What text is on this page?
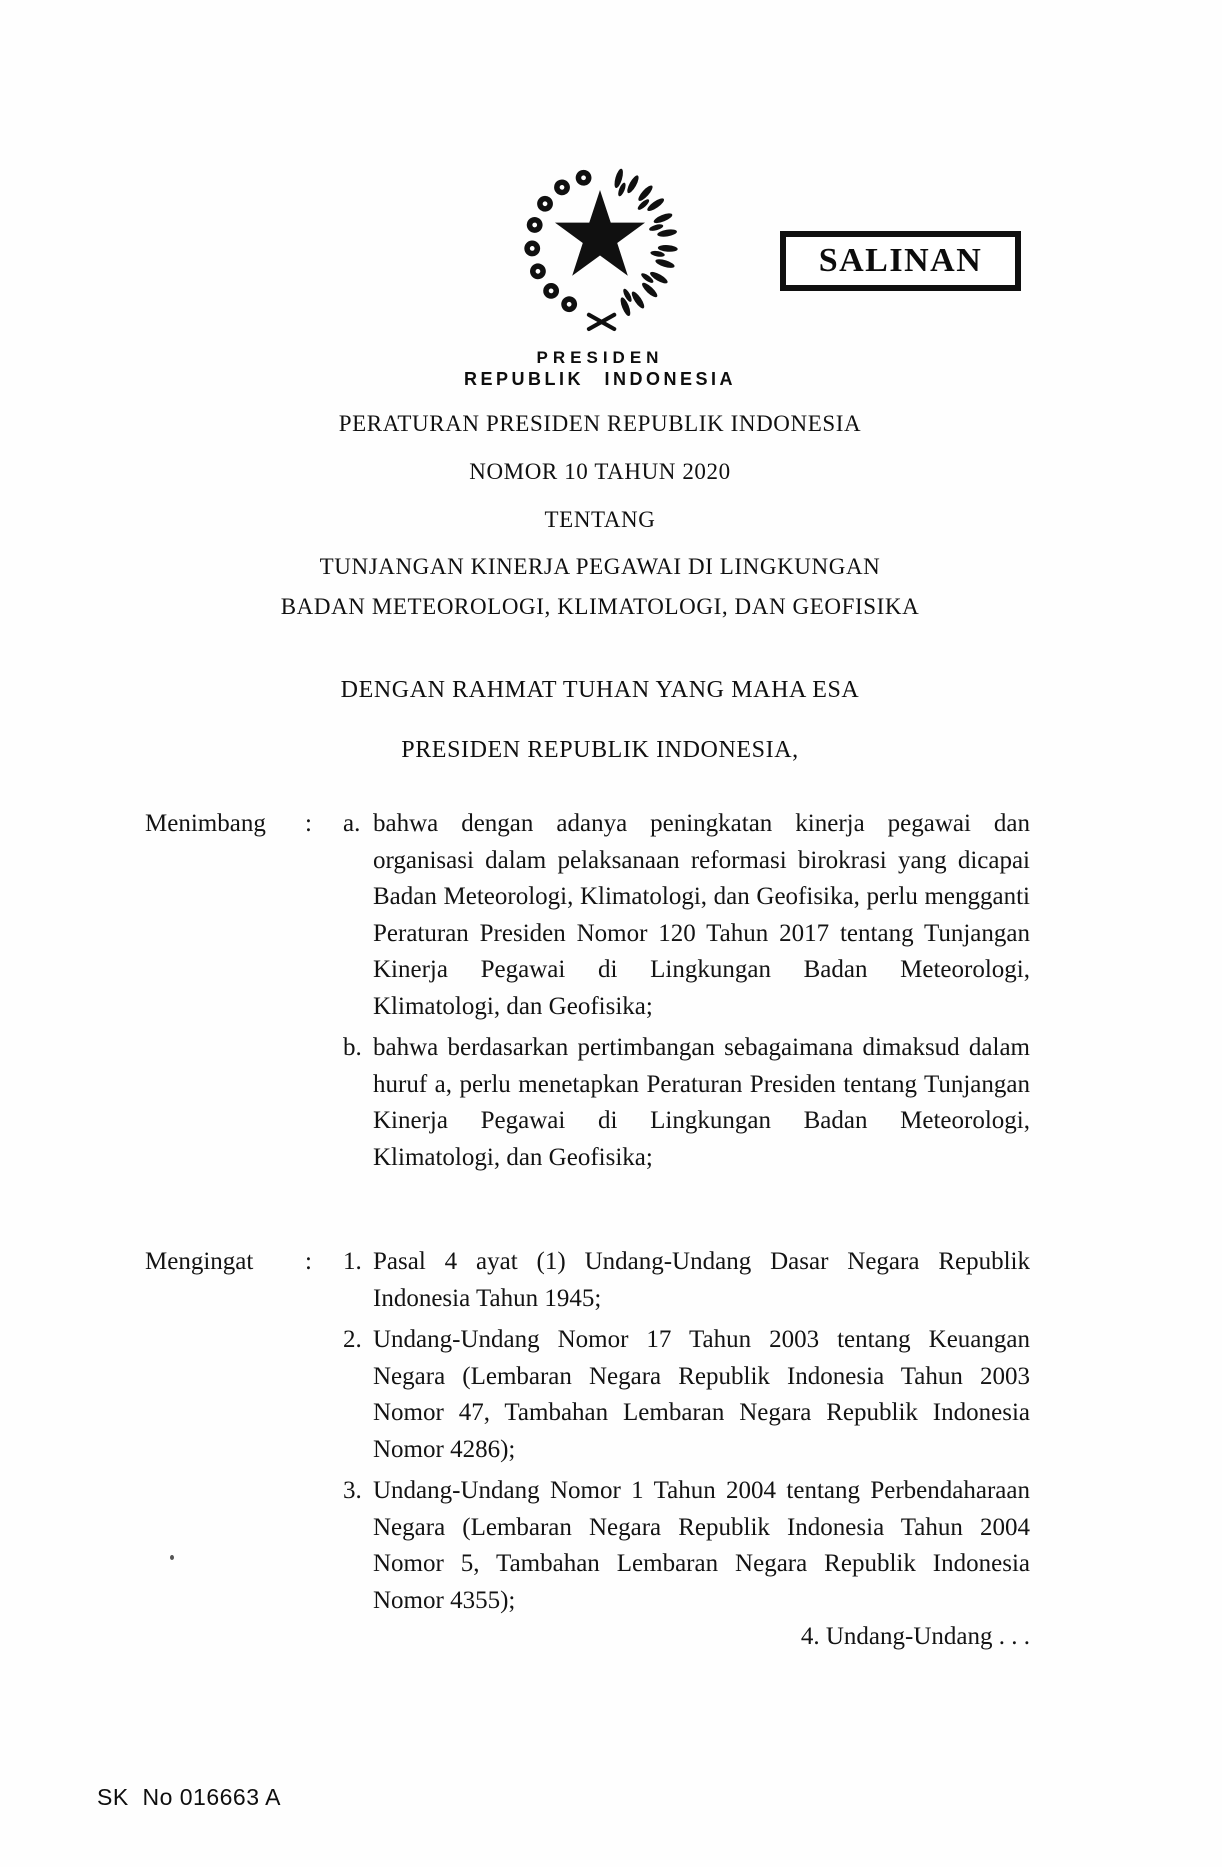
SALINAN
PRESIDEN
REPUBLIK INDONESIA
PERATURAN PRESIDEN REPUBLIK INDONESIA
NOMOR 10 TAHUN 2020
TENTANG
TUNJANGAN KINERJA PEGAWAI DI LINGKUNGAN
BADAN METEOROLOGI, KLIMATOLOGI, DAN GEOFISIKA
DENGAN RAHMAT TUHAN YANG MAHA ESA
PRESIDEN REPUBLIK INDONESIA,
Menimbang	:	a. bahwa dengan adanya peningkatan kinerja pegawai dan organisasi dalam pelaksanaan reformasi birokrasi yang dicapai Badan Meteorologi, Klimatologi, dan Geofisika, perlu mengganti Peraturan Presiden Nomor 120 Tahun 2017 tentang Tunjangan Kinerja Pegawai di Lingkungan Badan Meteorologi, Klimatologi, dan Geofisika;
b. bahwa berdasarkan pertimbangan sebagaimana dimaksud dalam huruf a, perlu menetapkan Peraturan Presiden tentang Tunjangan Kinerja Pegawai di Lingkungan Badan Meteorologi, Klimatologi, dan Geofisika;
Mengingat	:	1. Pasal 4 ayat (1) Undang-Undang Dasar Negara Republik Indonesia Tahun 1945;
2. Undang-Undang Nomor 17 Tahun 2003 tentang Keuangan Negara (Lembaran Negara Republik Indonesia Tahun 2003 Nomor 47, Tambahan Lembaran Negara Republik Indonesia Nomor 4286);
3. Undang-Undang Nomor 1 Tahun 2004 tentang Perbendaharaan Negara (Lembaran Negara Republik Indonesia Tahun 2004 Nomor 5, Tambahan Lembaran Negara Republik Indonesia Nomor 4355);
4. Undang-Undang . . .
SK  No 016663 A
